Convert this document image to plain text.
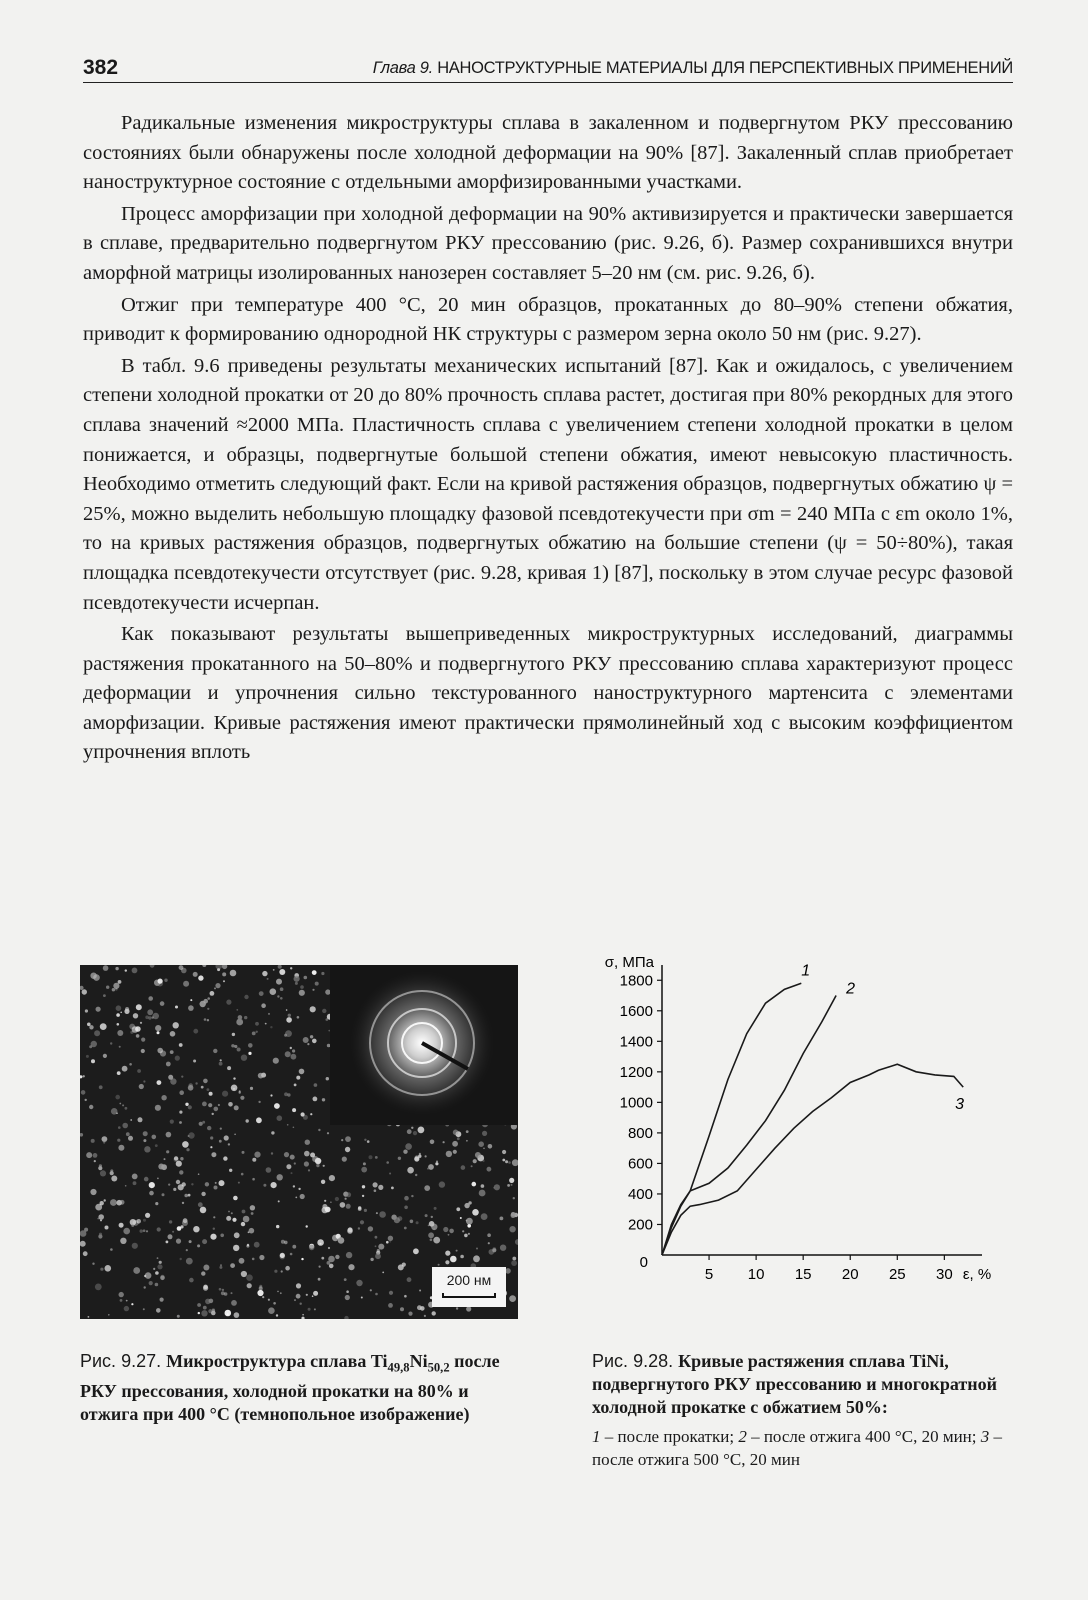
382	Глава 9. НАНОСТРУКТУРНЫЕ МАТЕРИАЛЫ ДЛЯ ПЕРСПЕКТИВНЫХ ПРИМЕНЕНИЙ

Радикальные изменения микроструктуры сплава в закаленном и подвергнутом РКУ прессованию состояниях были обнаружены после холодной деформации на 90% [87]. Закаленный сплав приобретает наноструктурное состояние с отдельными аморфизированными участками.

Процесс аморфизации при холодной деформации на 90% активизируется и практически завершается в сплаве, предварительно подвергнутом РКУ прессованию (рис. 9.26, б). Размер сохранившихся внутри аморфной матрицы изолированных нанозерен составляет 5–20 нм (см. рис. 9.26, б).

Отжиг при температуре 400 °С, 20 мин образцов, прокатанных до 80–90% степени обжатия, приводит к формированию однородной НК структуры с размером зерна около 50 нм (рис. 9.27).

В табл. 9.6 приведены результаты механических испытаний [87]. Как и ожидалось, с увеличением степени холодной прокатки от 20 до 80% прочность сплава растет, достигая при 80% рекордных для этого сплава значений ≈2000 МПа. Пластичность сплава с увеличением степени холодной прокатки в целом понижается, и образцы, подвергнутые большой степени обжатия, имеют невысокую пластичность. Необходимо отметить следующий факт. Если на кривой растяжения образцов, подвергнутых обжатию ψ = 25%, можно выделить небольшую площадку фазовой псевдотекучести при σm = 240 МПа с εm около 1%, то на кривых растяжения образцов, подвергнутых обжатию на большие степени (ψ = 50÷80%), такая площадка псевдотекучести отсутствует (рис. 9.28, кривая 1) [87], поскольку в этом случае ресурс фазовой псевдотекучести исчерпан.

Как показывают результаты вышеприведенных микроструктурных исследований, диаграммы растяжения прокатанного на 50–80% и подвергнутого РКУ прессованию сплава характеризуют процесс деформации и упрочнения сильно текстурованного наноструктурного мартенсита с элементами аморфизации. Кривые растяжения имеют практически прямолинейный ход с высоким коэффициентом упрочнения вплоть

200 нм
200
400
600
800
1000
1200
1400
1600
1800
5 10 15 20 25 30
0
σ, МПа
ε, %
1
2
3
Рис. 9.27. Микроструктура сплава $Ti_{49,8}Ni_{50,2}$ после РКУ прессования, холодной прокатки на 80% и отжига при 400 °С (темнопольное изображение)
Рис. 9.28. Кривые растяжения сплава TiNi, подвергнутого РКУ прессованию и многократной холодной прокатке с обжатием 50%:
1 – после прокатки; 2 – после отжига 400 °С, 20 мин; 3 –после отжига 500 °С, 20 мин
